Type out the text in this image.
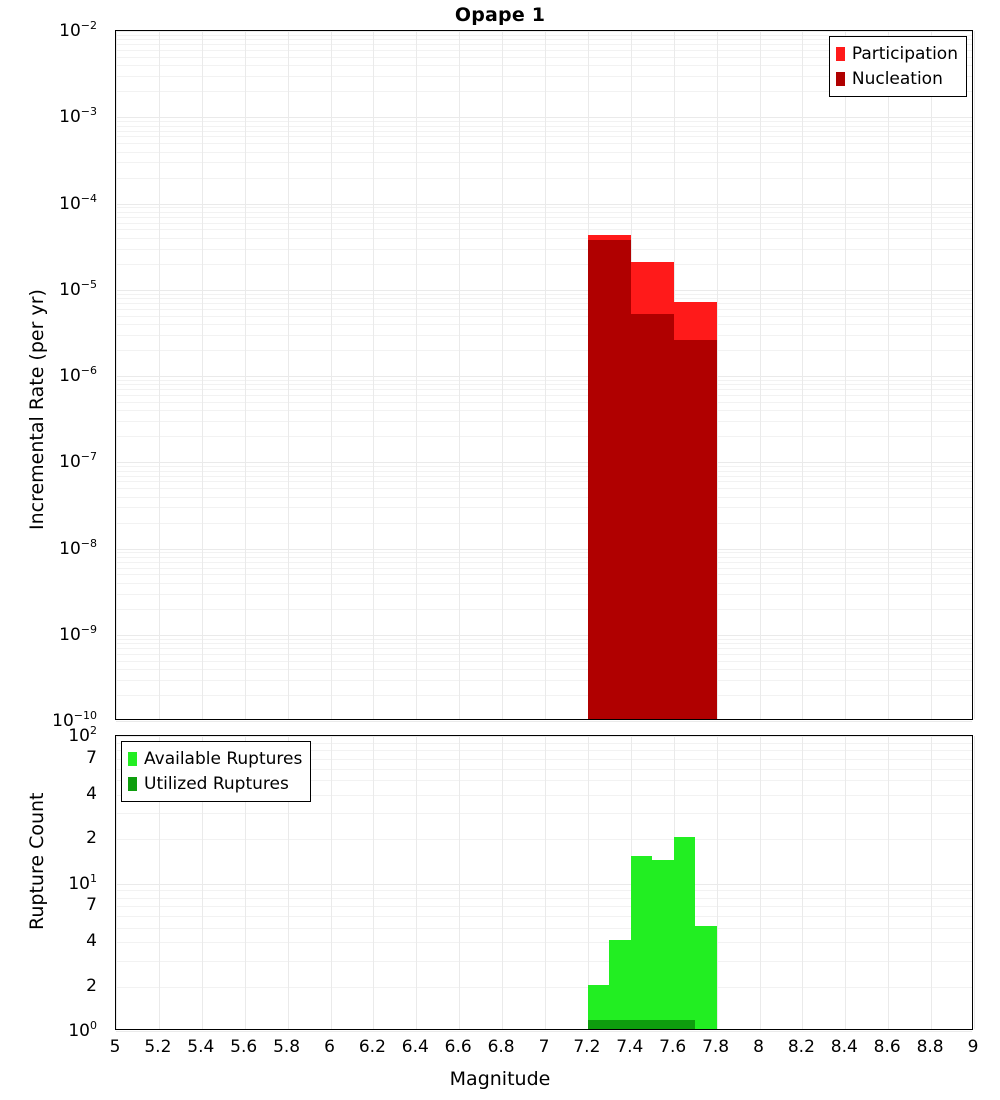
Opape 1
Participation
Nucleation
$10^{-10}$
$10^{-9}$
$10^{-8}$
$10^{-7}$
$10^{-6}$
$10^{-5}$
$10^{-4}$
$10^{-3}$
$10^{-2}$
Incremental Rate (per yr)
Available Ruptures
Utilized Ruptures
$10^0$
2
4
7
$10^1$
2
4
7
$10^2$
Rupture Count
5 5.2 5.4 5.6 5.8 6 6.2 6.4 6.6 6.8 7 7.2 7.4 7.6 7.8 8 8.2 8.4 8.6 8.8 9
Magnitude
